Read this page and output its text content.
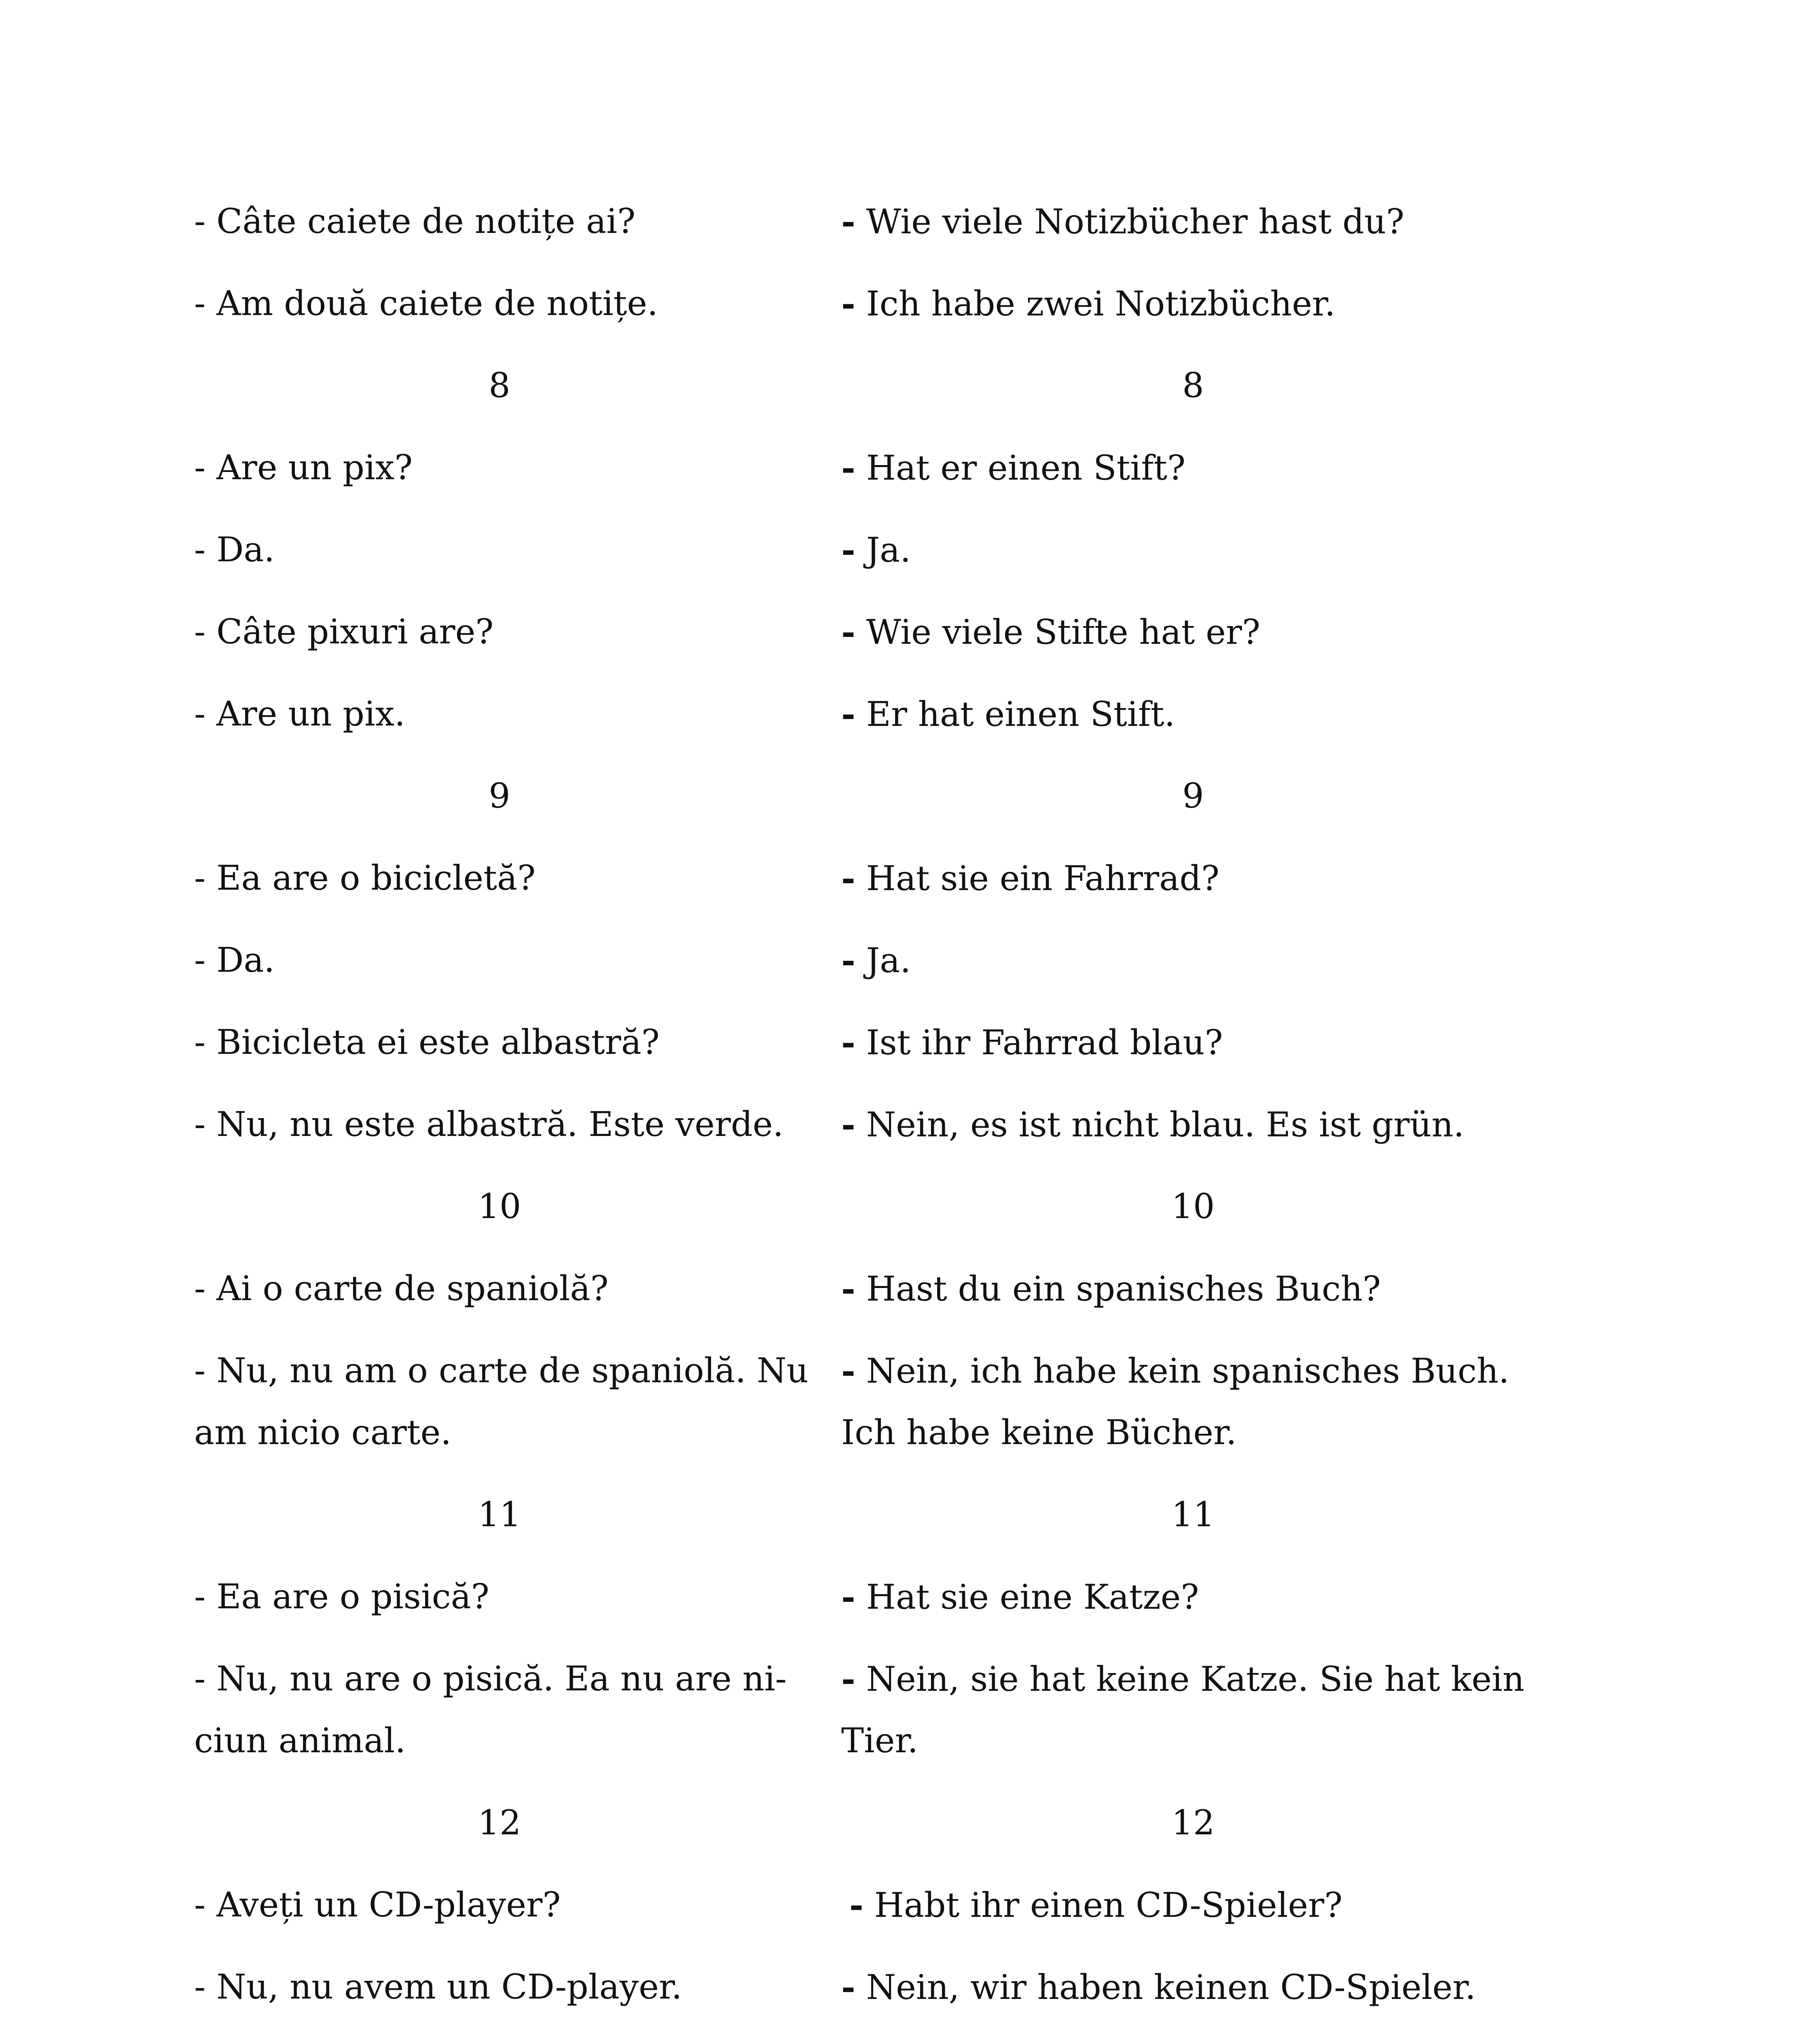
- Câte caiete de notițe ai?

- Am două caiete de notițe.

8

- Are un pix?

- Da.

- Câte pixuri are?

- Are un pix.

9

- Ea are o bicicletă?

- Da.

- Bicicleta ei este albastră?

- Nu, nu este albastră. Este verde.

10

- Ai o carte de spaniolă?

- Nu, nu am o carte de spaniolă. Nu

am nicio carte.

11

- Ea are o pisică?

- Nu, nu are o pisică. Ea nu are ni-

ciun animal.

12

- Aveți un CD-player?

- Nu, nu avem un CD-player.

- Wie viele Notizbücher hast du?

- Ich habe zwei Notizbücher.

8

- Hat er einen Stift?

- Ja.

- Wie viele Stifte hat er?

- Er hat einen Stift.

9

- Hat sie ein Fahrrad?

- Ja.

- Ist ihr Fahrrad blau?

- Nein, es ist nicht blau. Es ist grün.

10

- Hast du ein spanisches Buch?

- Nein, ich habe kein spanisches Buch.

Ich habe keine Bücher.

11

- Hat sie eine Katze?

- Nein, sie hat keine Katze. Sie hat kein

Tier.

12

- Habt ihr einen CD-Spieler?

- Nein, wir haben keinen CD-Spieler.
